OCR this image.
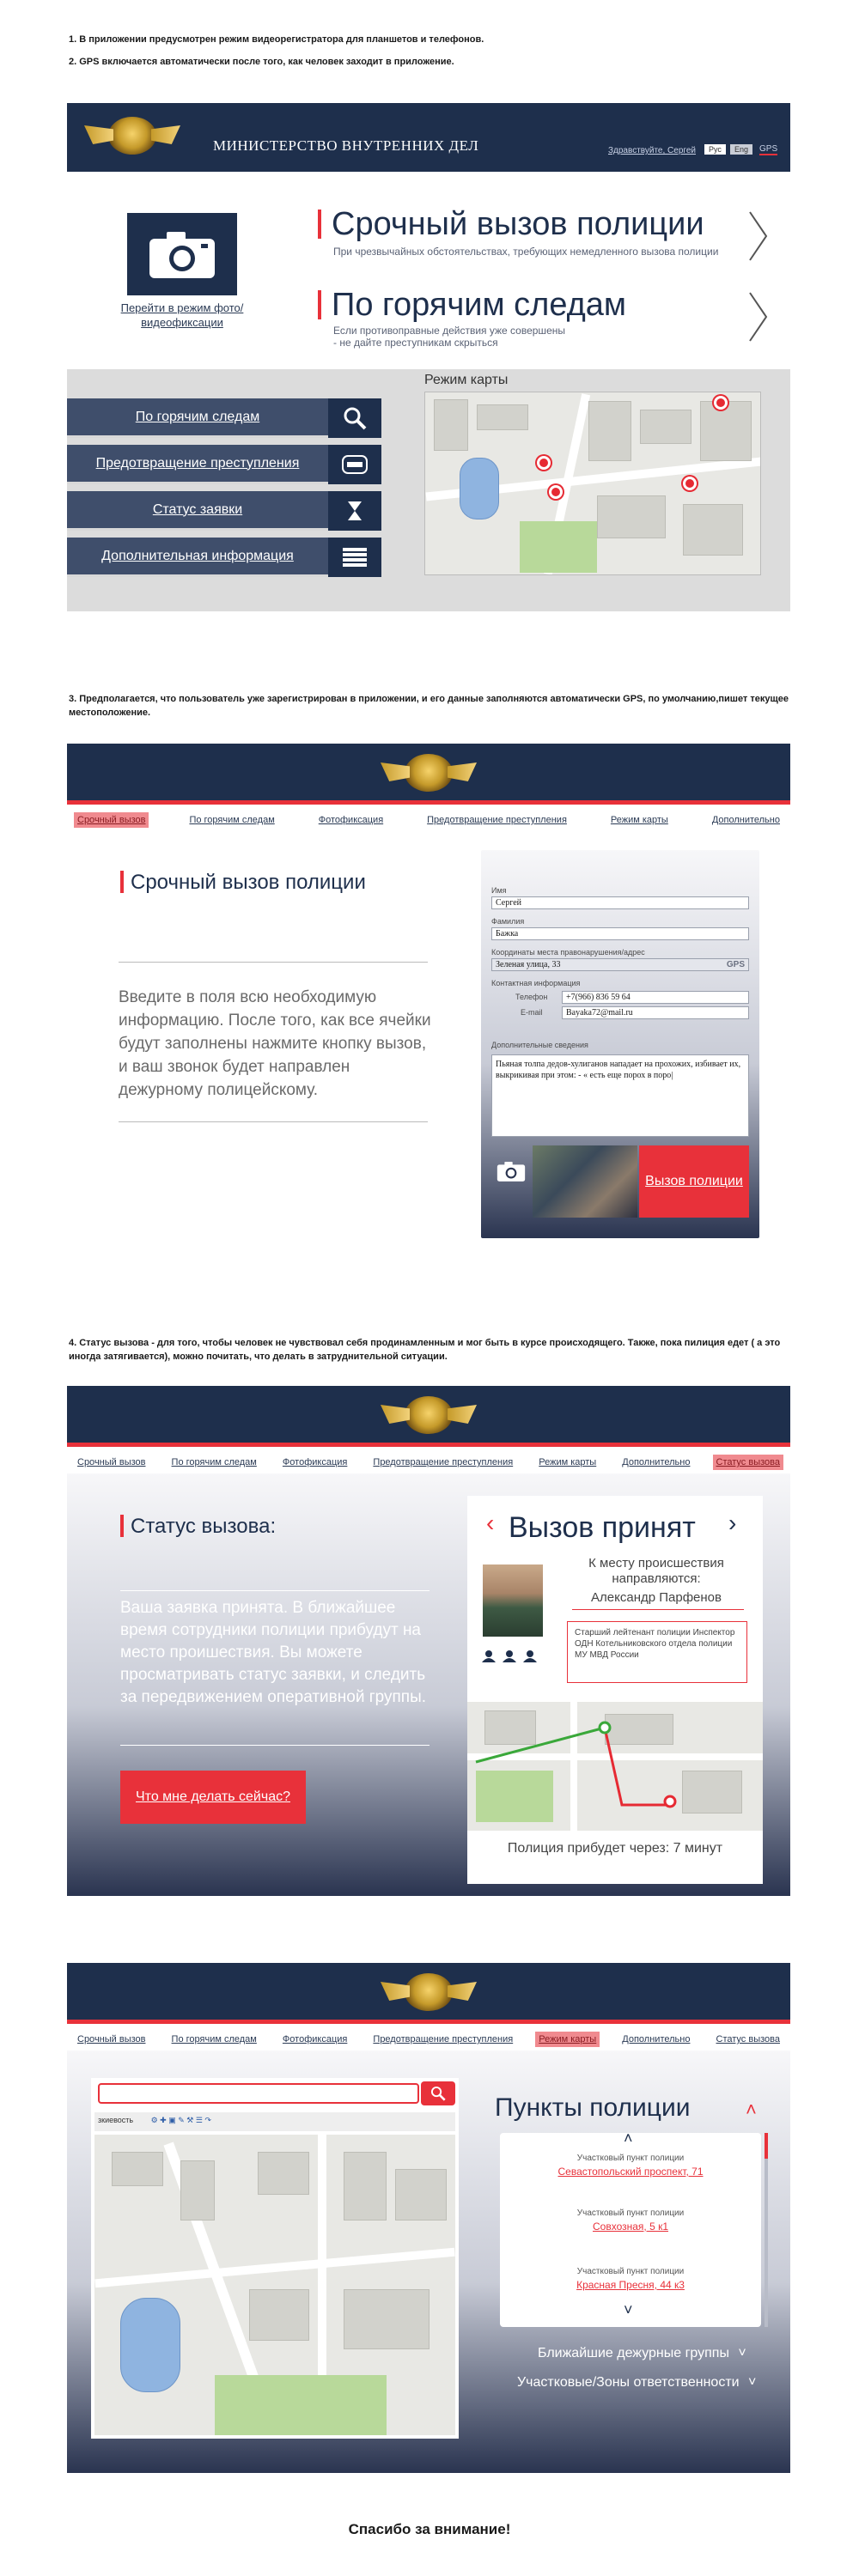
1. В приложении предусмотрен режим видеорегистратора для планшетов и телефонов.
2. GPS включается автоматически после того, как человек заходит в приложение.
МИНИСТЕРСТВО ВНУТРЕННИХ ДЕЛ	Здравствуйте, Сергей	Рус	Eng	GPS
Перейти в режим фото/видеофиксации
Срочный вызов полиции
При чрезвычайных обстоятельствах, требующих немедленного вызова полиции
По горячим следам
Если противоправные действия уже совершены - не дайте преступникам скрыться
По горячим следам
Предотвращение преступления
Статус заявки
Дополнительная информация
Режим карты
3. Предполагается, что пользователь уже зарегистрирован в приложении, и его данные заполняются автоматически GPS, по умолчанию,пишет текущее местоположение.
Срочный вызов	По горячим следам	Фотофиксация	Предотвращение преступления	Режим карты	Дополнительно
Срочный вызов полиции
Введите в поля всю необходимую информацию. После того, как все ячейки будут заполнены нажмите кнопку вызов, и ваш звонок будет направлен дежурному полицейскому.
Имя
Сергей
Фамилия
Бажка
Координаты места правонарушения/адрес
Зеленая улица, 33	GPS
Контактная информация
Телефон	+7(966) 836 59 64
E-mail	Bayaka72@mail.ru
Дополнительные сведения
Пьяная толпа дедов-хулиганов нападает на прохожих, избивает их, выкрикивая при этом: - « есть еще порох в поро|
Вызов полиции
4. Статус вызова - для того, чтобы человек не чувствовал себя продинамленным и мог быть в курсе происходящего. Также, пока пилиция едет ( а это иногда затягивается), можно почитать, что делать в затруднительной ситуации.
Срочный вызов	По горячим следам	Фотофиксация	Предотвращение преступления	Режим карты	Дополнительно	Статус вызова
Статус вызова:
Ваша заявка принята. В ближайшее время сотрудники полиции прибудут на место проишествия. Вы можете просматривать статус заявки, и следить за передвижением оперативной группы.
Что мне делать сейчас?
‹ Вызов принят ›
К месту происшествия направляются:
Александр Парфенов
Старший лейтенант полиции Инспектор ОДН Котельниковского отдела полиции МУ МВД России
Полиция прибудет через: 7 минут
Срочный вызов	По горячим следам	Фотофиксация	Предотвращение преступления	Режим карты	Дополнительно	Статус вызова
зкиевость ⚙ ✚ ▣ ✎ ⚒ ☰ ↷	Пункты полиции	˄
˄
Участковый пункт полиции
Севастопольский проспект, 71
Участковый пункт полиции
Совхозная, 5 к1
Участковый пункт полиции
Красная Пресня, 44 к3
˅
Ближайшие дежурные группы ˅
Участковые/Зоны ответственности ˅
Спасибо за внимание!
